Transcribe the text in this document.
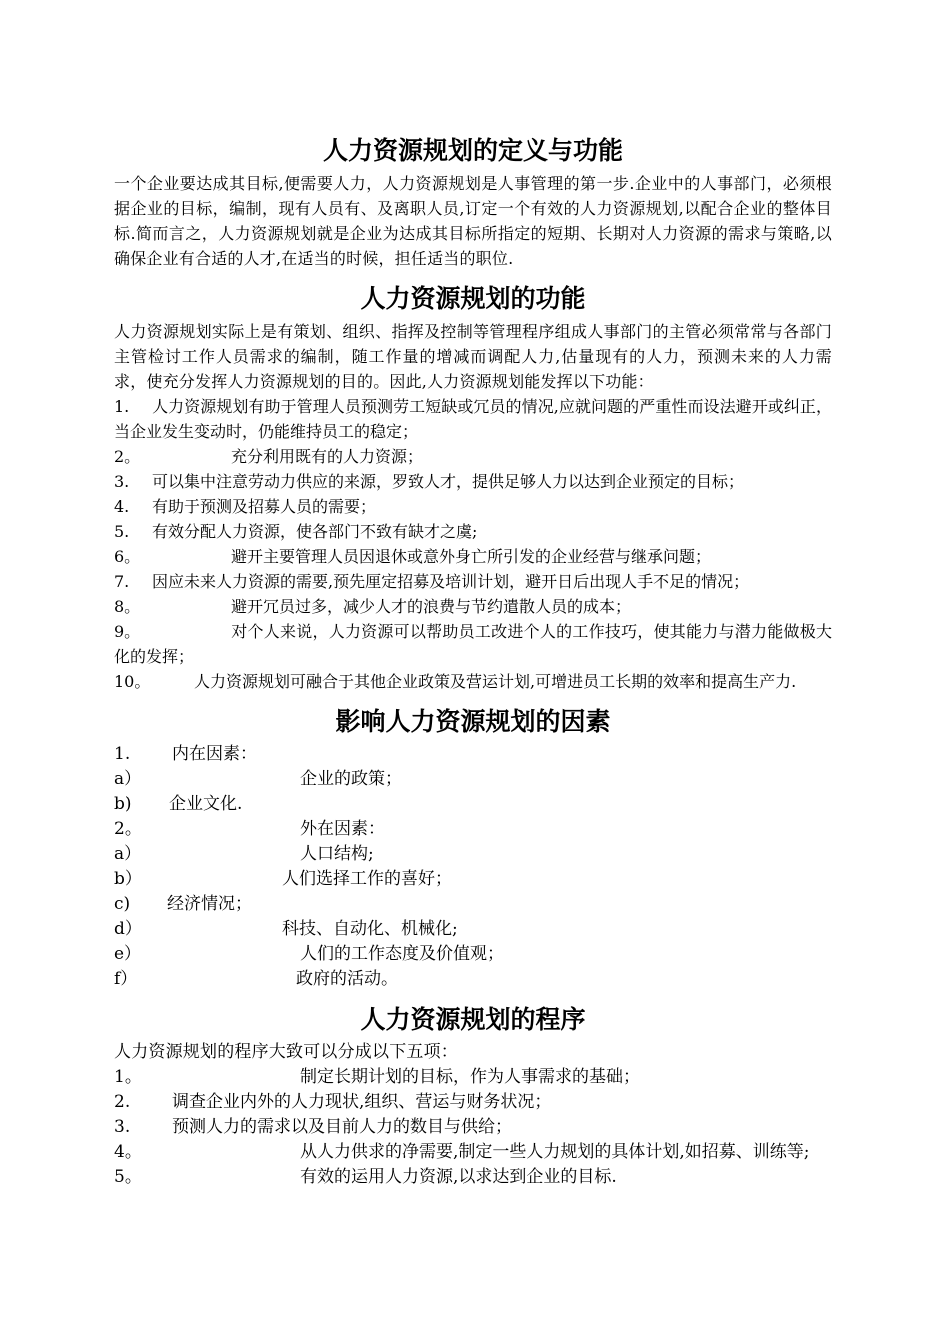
人力资源规划的定义与功能

一个企业要达成其目标,便需要人力，人力资源规划是人事管理的第一步.企业中的人事部门，必须根据企业的目标，编制，现有人员有、及离职人员,订定一个有效的人力资源规划,以配合企业的整体目标.简而言之，人力资源规划就是企业为达成其目标所指定的短期、长期对人力资源的需求与策略,以确保企业有合适的人才,在适当的时候，担任适当的职位.

人力资源规划的功能

人力资源规划实际上是有策划、组织、指挥及控制等管理程序组成人事部门的主管必须常常与各部门主管检讨工作人员需求的编制，随工作量的增减而调配人力,估量现有的人力，预测未来的人力需求，使充分发挥人力资源规划的目的。因此,人力资源规划能发挥以下功能：

1. 人力资源规划有助于管理人员预测劳工短缺或冗员的情况,应就问题的严重性而设法避开或纠正，当企业发生变动时，仍能维持员工的稳定；
2。	充分利用既有的人力资源；
3. 可以集中注意劳动力供应的来源，罗致人才，提供足够人力以达到企业预定的目标；
4. 有助于预测及招募人员的需要；
5. 有效分配人力资源，使各部门不致有缺才之虞;
6。	避开主要管理人员因退休或意外身亡所引发的企业经营与继承问题；
7. 因应未来人力资源的需要,预先厘定招募及培训计划，避开日后出现人手不足的情况；
8。	避开冗员过多，减少人才的浪费与节约遣散人员的成本；
9。	对个人来说，人力资源可以帮助员工改进个人的工作技巧，使其能力与潜力能做极大化的发挥；
10。	人力资源规划可融合于其他企业政策及营运计划,可增进员工长期的效率和提高生产力.
影响人力资源规划的因素
1. 内在因素：
a）	企业的政策；
b) 企业文化.
2。	外在因素：
a）	人口结构;
b）	人们选择工作的喜好；
c) 经济情况；
d）	科技、自动化、机械化;
e）	人们的工作态度及价值观；
f）	政府的活动。
人力资源规划的程序

人力资源规划的程序大致可以分成以下五项：

1。	制定长期计划的目标，作为人事需求的基础；
2. 调查企业内外的人力现状,组织、营运与财务状况；
3. 预测人力的需求以及目前人力的数目与供给；
4。	从人力供求的净需要,制定一些人力规划的具体计划,如招募、训练等;
5。	有效的运用人力资源,以求达到企业的目标.
